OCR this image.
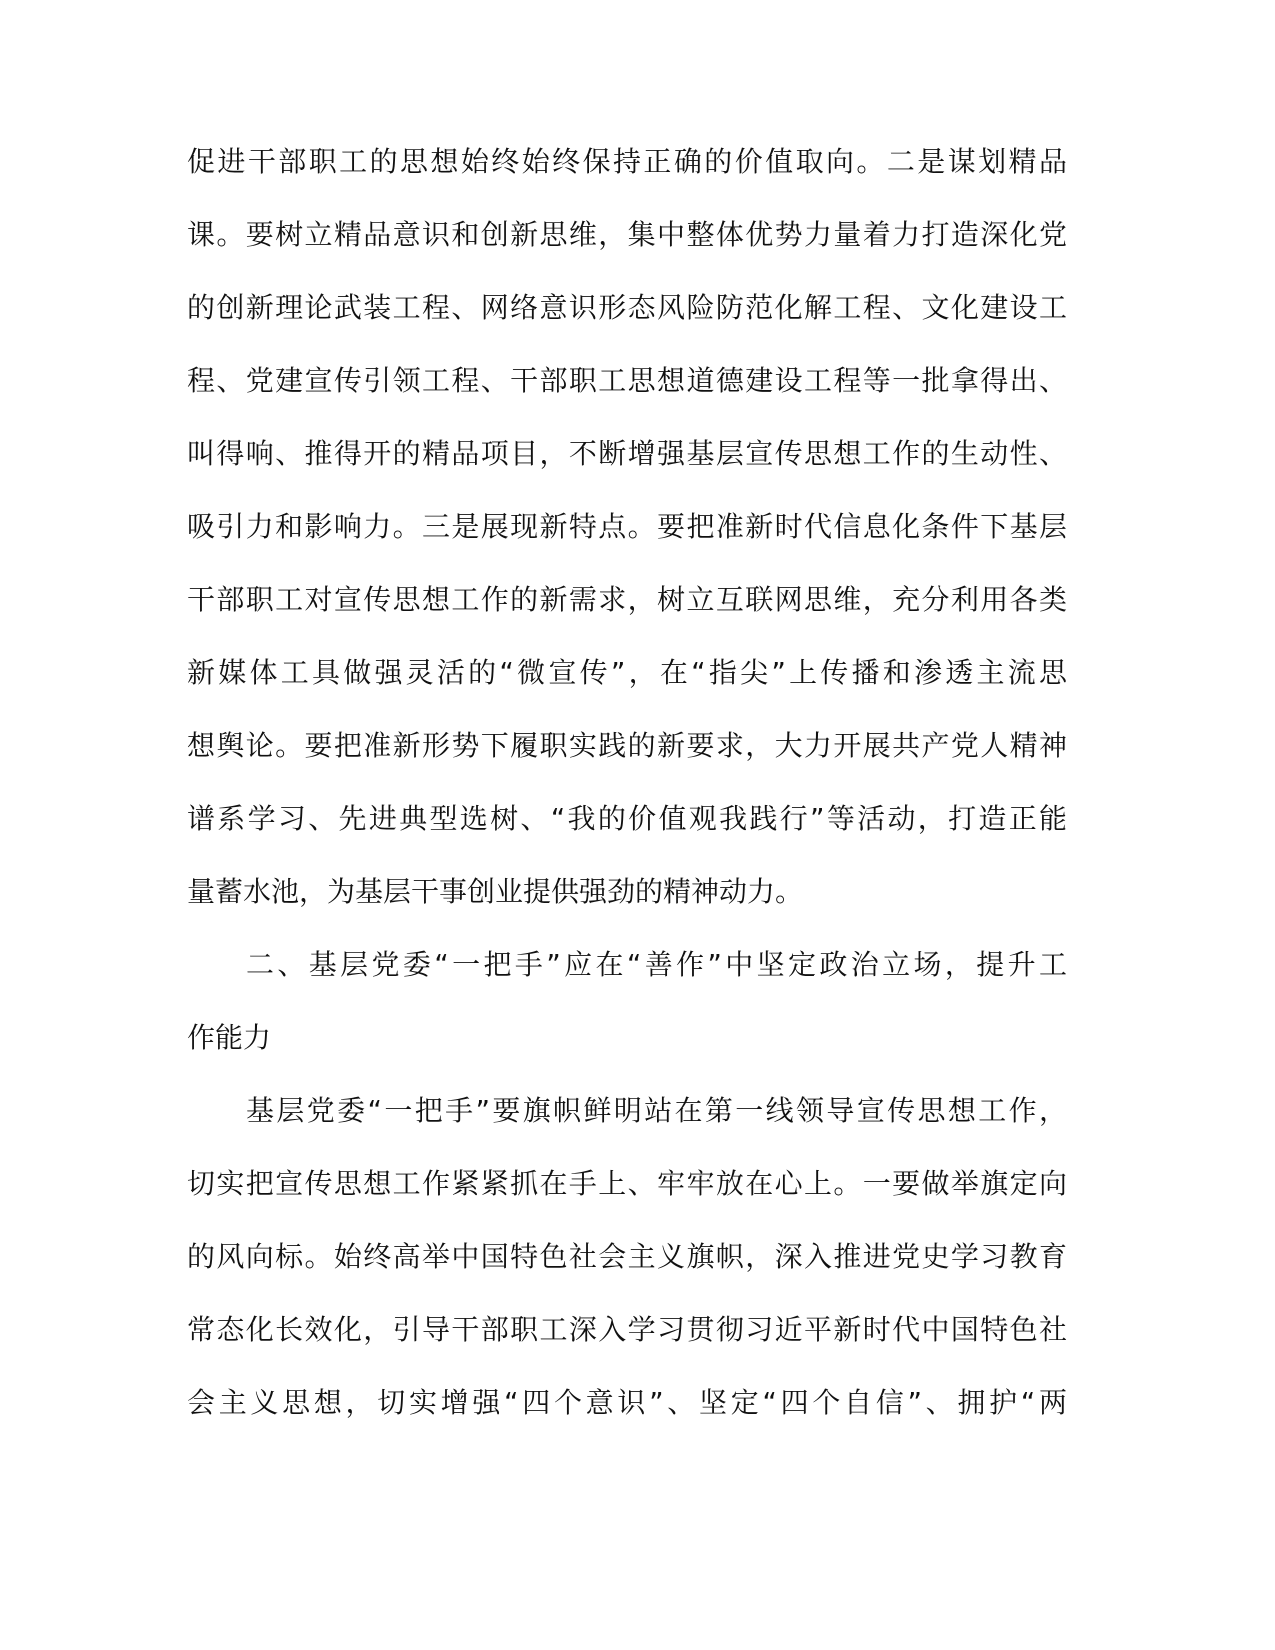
促进干部职工的思想始终始终保持正确的价值取向。二是谋划精品
课。要树立精品意识和创新思维，集中整体优势力量着力打造深化党
的创新理论武装工程、网络意识形态风险防范化解工程、文化建设工
程、党建宣传引领工程、干部职工思想道德建设工程等一批拿得出、
叫得响、推得开的精品项目，不断增强基层宣传思想工作的生动性、
吸引力和影响力。三是展现新特点。要把准新时代信息化条件下基层
干部职工对宣传思想工作的新需求，树立互联网思维，充分利用各类
新媒体工具做强灵活的“微宣传”，在“指尖”上传播和渗透主流思
想舆论。要把准新形势下履职实践的新要求，大力开展共产党人精神
谱系学习、先进典型选树、“我的价值观我践行”等活动，打造正能
量蓄水池，为基层干事创业提供强劲的精神动力。
二、基层党委“一把手”应在“善作”中坚定政治立场，提升工
作能力
基层党委“一把手”要旗帜鲜明站在第一线领导宣传思想工作，
切实把宣传思想工作紧紧抓在手上、牢牢放在心上。一要做举旗定向
的风向标。始终高举中国特色社会主义旗帜，深入推进党史学习教育
常态化长效化，引导干部职工深入学习贯彻习近平新时代中国特色社
会主义思想，切实增强“四个意识”、坚定“四个自信”、拥护“两
